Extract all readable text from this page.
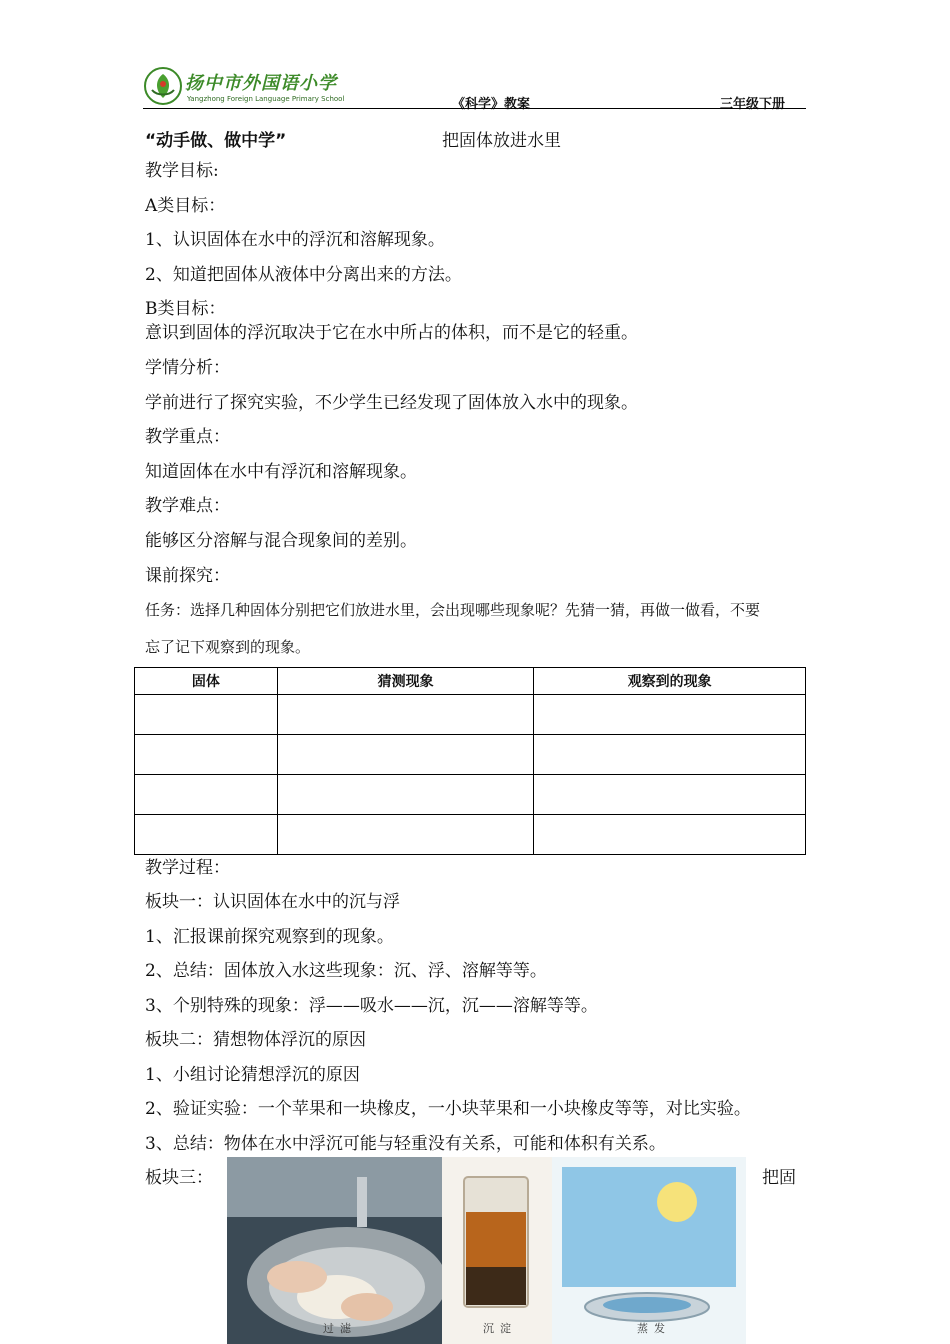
扬中市外国语小学
Yangzhong Foreign Language Primary School	《科学》教案	三年级下册
“动手做、做中学”	把固体放进水里
教学目标:
A类目标：
1、认识固体在水中的浮沉和溶解现象。
2、知道把固体从液体中分离出来的方法。
B类目标：
意识到固体的浮沉取决于它在水中所占的体积，而不是它的轻重。
学情分析：
学前进行了探究实验，不少学生已经发现了固体放入水中的现象。
教学重点：
知道固体在水中有浮沉和溶解现象。
教学难点：
能够区分溶解与混合现象间的差别。
课前探究：
任务：选择几种固体分别把它们放进水里，会出现哪些现象呢？先猜一猜，再做一做看，不要
忘了记下观察到的现象。
固体	猜测现象	观察到的现象

教学过程：
板块一：认识固体在水中的沉与浮
1、汇报课前探究观察到的现象。
2、总结：固体放入水这些现象：沉、浮、溶解等等。
3、个别特殊的现象：浮——吸水——沉，沉——溶解等等。
板块二：猜想物体浮沉的原因
1、小组讨论猜想浮沉的原因
2、验证实验：一个苹果和一块橡皮，一小块苹果和一小块橡皮等等，对比实验。
3、总结：物体在水中浮沉可能与轻重没有关系，可能和体积有关系。
板块三：	把固
过滤	沉淀	蒸发
